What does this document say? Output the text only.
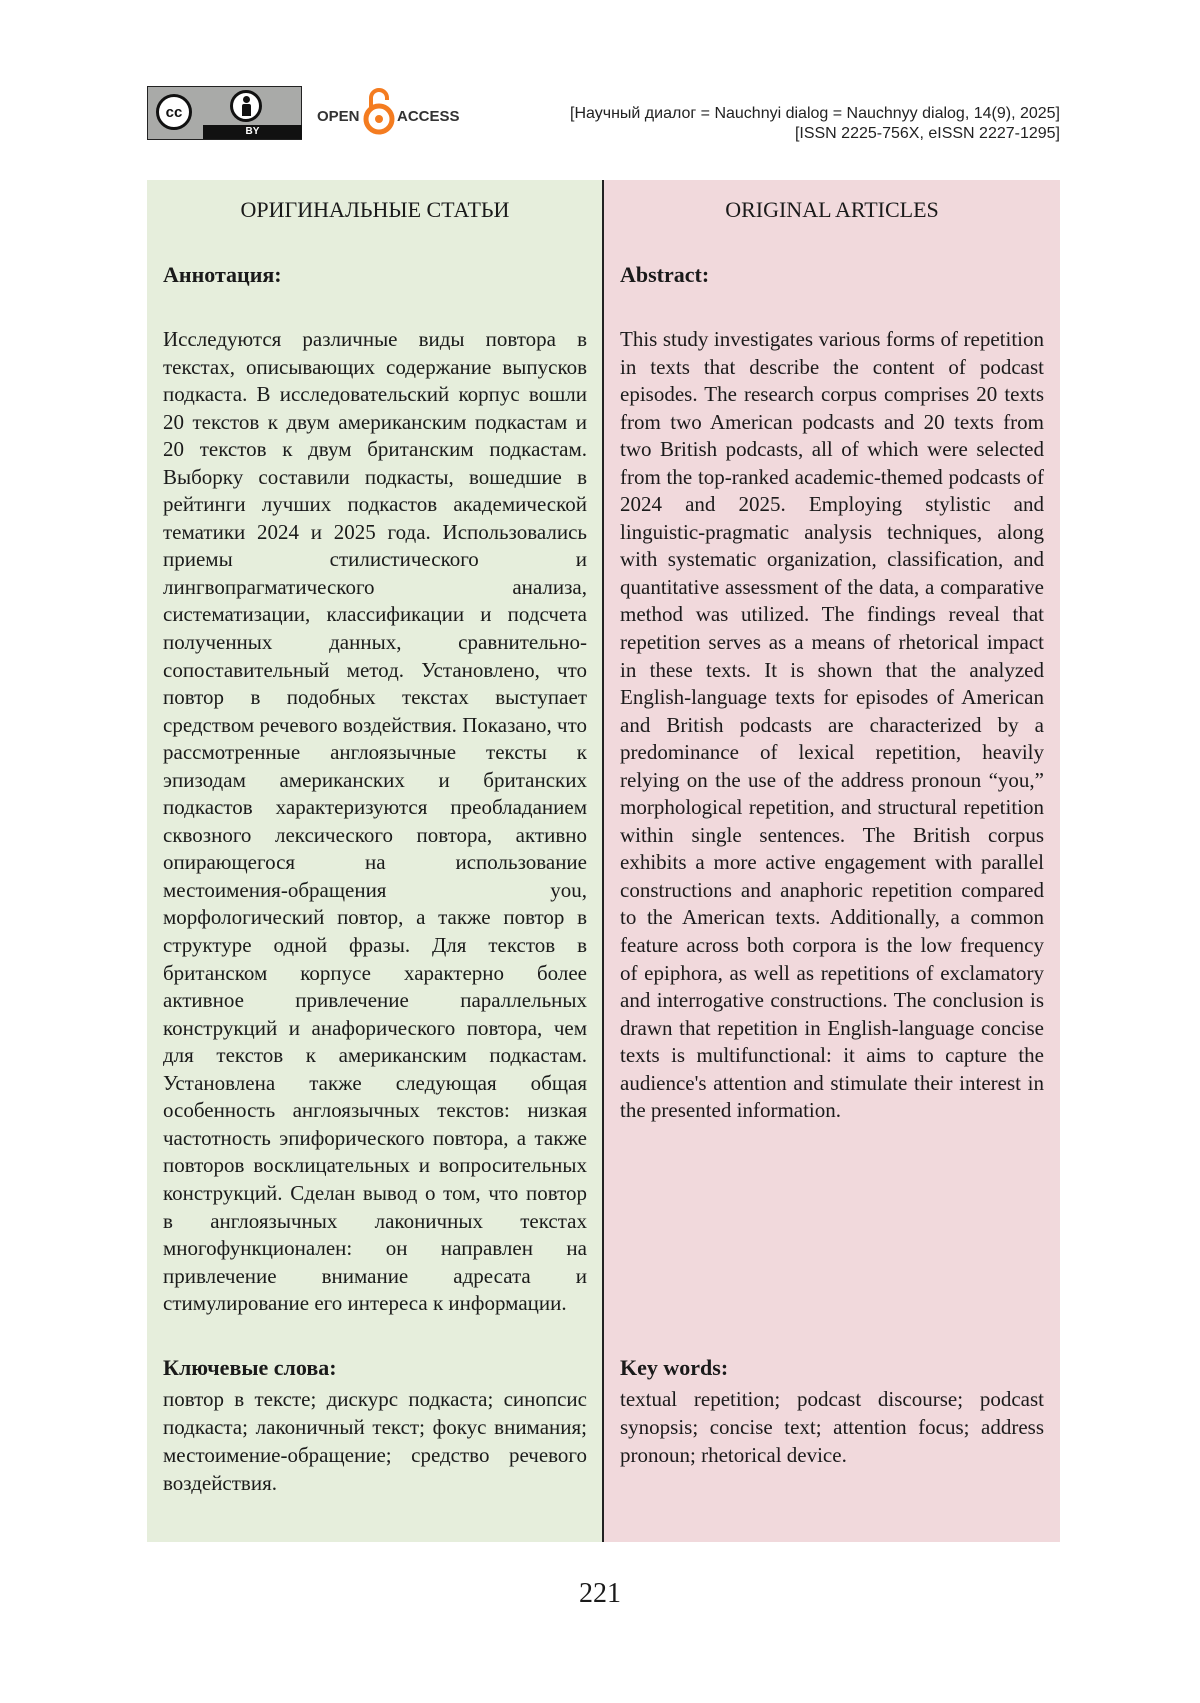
cc
BY
OPEN ACCESS	[Научный диалог = Nauchnyi dialog = Nauchnyy dialog, 14(9), 2025]
[ISSN 2225-756X, eISSN 2227-1295]
ОРИГИНАЛЬНЫЕ СТАТЬИ
Аннотация:
Исследуются различные виды повтора в текстах, описывающих содержание выпусков подкаста. В исследовательский корпус вошли 20 текстов к двум американским подкастам и 20 текстов к двум британским подкастам. Выборку составили подкасты, вошедшие в рейтинги лучших подкастов академической тематики 2024 и 2025 года. Использовались приемы стилистического и лингвопрагматического анализа, систематизации, классификации и подсчета полученных данных, сравнительно-сопоставительный метод. Установлено, что повтор в подобных текстах выступает средством речевого воздействия. Показано, что рассмотренные англоязычные тексты к эпизодам американских и британских подкастов характеризуются преобладанием сквозного лексического повтора, активно опирающегося на использование местоимения-обращения you, морфологический повтор, а также повтор в структуре одной фразы. Для текстов в британском корпусе характерно более активное привлечение параллельных конструкций и анафорического повтора, чем для текстов к американским подкастам. Установлена также следующая общая особенность англоязычных текстов: низкая частотность эпифорического повтора, а также повторов восклицательных и вопросительных конструкций. Сделан вывод о том, что повтор в англоязычных лаконичных текстах многофункционален: он направлен на привлечение внимание адресата и стимулирование его интереса к информации.
Ключевые слова:
повтор в тексте; дискурс подкаста; синопсис подкаста; лаконичный текст; фокус внимания; местоимение-обращение; средство речевого воздействия.
ORIGINAL ARTICLES
Abstract:
This study investigates various forms of repetition in texts that describe the content of podcast episodes. The research corpus comprises 20 texts from two American podcasts and 20 texts from two British podcasts, all of which were selected from the top-ranked academic-themed podcasts of 2024 and 2025. Employing stylistic and linguistic-pragmatic analysis techniques, along with systematic organization, classification, and quantitative assessment of the data, a comparative method was utilized. The findings reveal that repetition serves as a means of rhetorical impact in these texts. It is shown that the analyzed English-language texts for episodes of American and British podcasts are characterized by a predominance of lexical repetition, heavily relying on the use of the address pronoun “you,” morphological repetition, and structural repetition within single sentences. The British corpus exhibits a more active engagement with parallel constructions and anaphoric repetition compared to the American texts. Additionally, a common feature across both corpora is the low frequency of epiphora, as well as repetitions of exclamatory and interrogative constructions. The conclusion is drawn that repetition in English-language concise texts is multifunctional: it aims to capture the audience's attention and stimulate their interest in the presented information.
Key words:
textual repetition; podcast discourse; podcast synopsis; concise text; attention focus; address pronoun; rhetorical device.
221
